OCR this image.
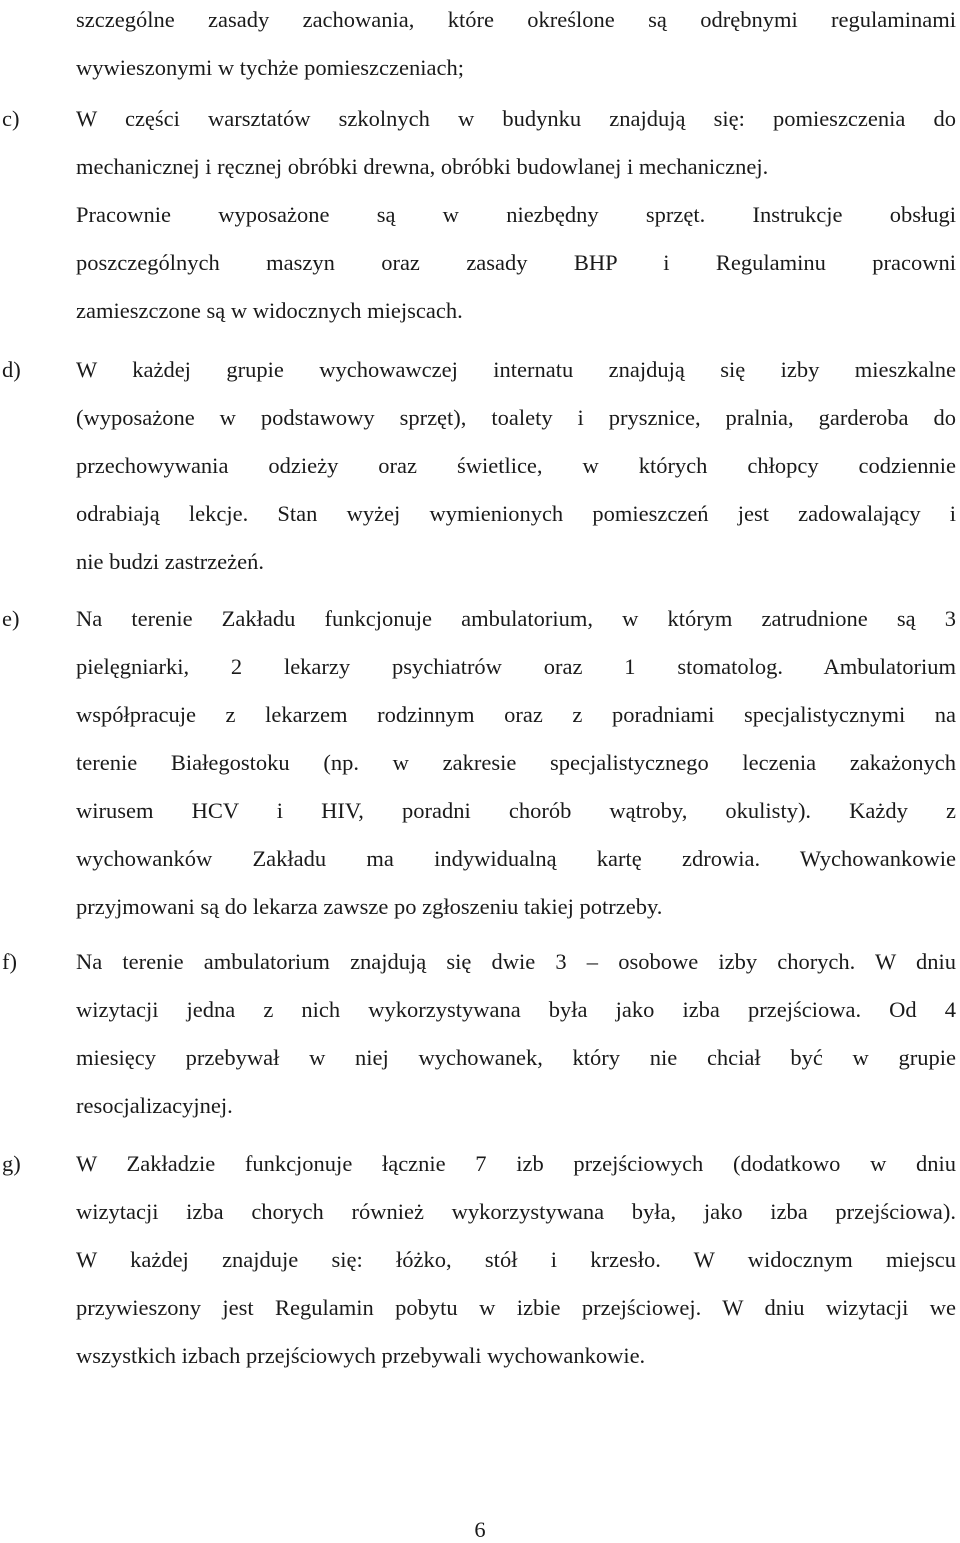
szczególne zasady zachowania, które określone są odrębnymi regulaminami
wywieszonymi w tychże pomieszczeniach;
c)	W części warsztatów szkolnych w budynku znajdują się: pomieszczenia do
mechanicznej i ręcznej obróbki drewna, obróbki budowlanej i mechanicznej.
Pracownie wyposażone są w niezbędny sprzęt. Instrukcje obsługi
poszczególnych maszyn oraz zasady BHP i Regulaminu pracowni
zamieszczone są w widocznych miejscach.
d)	W każdej grupie wychowawczej internatu znajdują się izby mieszkalne
(wyposażone w podstawowy sprzęt), toalety i prysznice, pralnia, garderoba do
przechowywania odzieży oraz świetlice, w których chłopcy codziennie
odrabiają lekcje. Stan wyżej wymienionych pomieszczeń jest zadowalający i
nie budzi zastrzeżeń.
e)	Na terenie Zakładu funkcjonuje ambulatorium, w którym zatrudnione są 3
pielęgniarki, 2 lekarzy psychiatrów oraz 1 stomatolog. Ambulatorium
współpracuje z lekarzem rodzinnym oraz z poradniami specjalistycznymi na
terenie Białegostoku (np. w zakresie specjalistycznego leczenia zakażonych
wirusem HCV i HIV, poradni chorób wątroby, okulisty). Każdy z
wychowanków Zakładu ma indywidualną kartę zdrowia. Wychowankowie
przyjmowani są do lekarza zawsze po zgłoszeniu takiej potrzeby.
f)	Na terenie ambulatorium znajdują się dwie 3 – osobowe izby chorych. W dniu
wizytacji jedna z nich wykorzystywana była jako izba przejściowa. Od 4
miesięcy przebywał w niej wychowanek, który nie chciał być w grupie
resocjalizacyjnej.
g)	W Zakładzie funkcjonuje łącznie 7 izb przejściowych (dodatkowo w dniu
wizytacji izba chorych również wykorzystywana była, jako izba przejściowa).
W każdej znajduje się: łóżko, stół i krzesło. W widocznym miejscu
przywieszony jest Regulamin pobytu w izbie przejściowej. W dniu wizytacji we
wszystkich izbach przejściowych przebywali wychowankowie.
6
